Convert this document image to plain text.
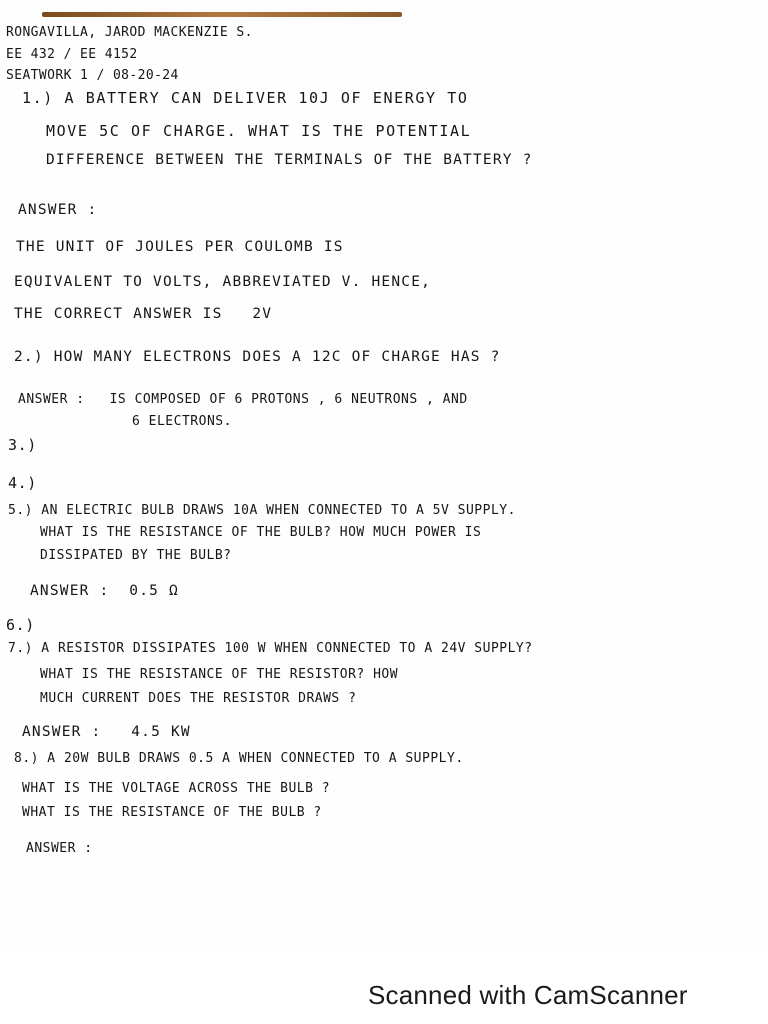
RONGAVILLA, JAROD MACKENZIE S.

EE 432 / EE 4152

SEATWORK 1 / 08-20-24

1.) A BATTERY CAN DELIVER 10J OF ENERGY TO

MOVE 5C OF CHARGE. WHAT IS THE POTENTIAL

DIFFERENCE BETWEEN THE TERMINALS OF THE BATTERY ?

ANSWER :

THE UNIT OF JOULES PER COULOMB IS

EQUIVALENT TO VOLTS, ABBREVIATED V. HENCE,

THE CORRECT ANSWER IS   2V

2.) HOW MANY ELECTRONS DOES A 12C OF CHARGE HAS ?

ANSWER :   IS COMPOSED OF 6 PROTONS , 6 NEUTRONS , AND

6 ELECTRONS.

3.)

4.)

5.) AN ELECTRIC BULB DRAWS 10A WHEN CONNECTED TO A 5V SUPPLY.

WHAT IS THE RESISTANCE OF THE BULB? HOW MUCH POWER IS

DISSIPATED BY THE BULB?

ANSWER :  0.5 Ω

6.)

7.) A RESISTOR DISSIPATES 100 W WHEN CONNECTED TO A 24V SUPPLY?

WHAT IS THE RESISTANCE OF THE RESISTOR? HOW

MUCH CURRENT DOES THE RESISTOR DRAWS ?

ANSWER :   4.5 KW

8.) A 20W BULB DRAWS 0.5 A WHEN CONNECTED TO A SUPPLY.

WHAT IS THE VOLTAGE ACROSS THE BULB ?

WHAT IS THE RESISTANCE OF THE BULB ?

ANSWER :

Scanned with CamScanner
